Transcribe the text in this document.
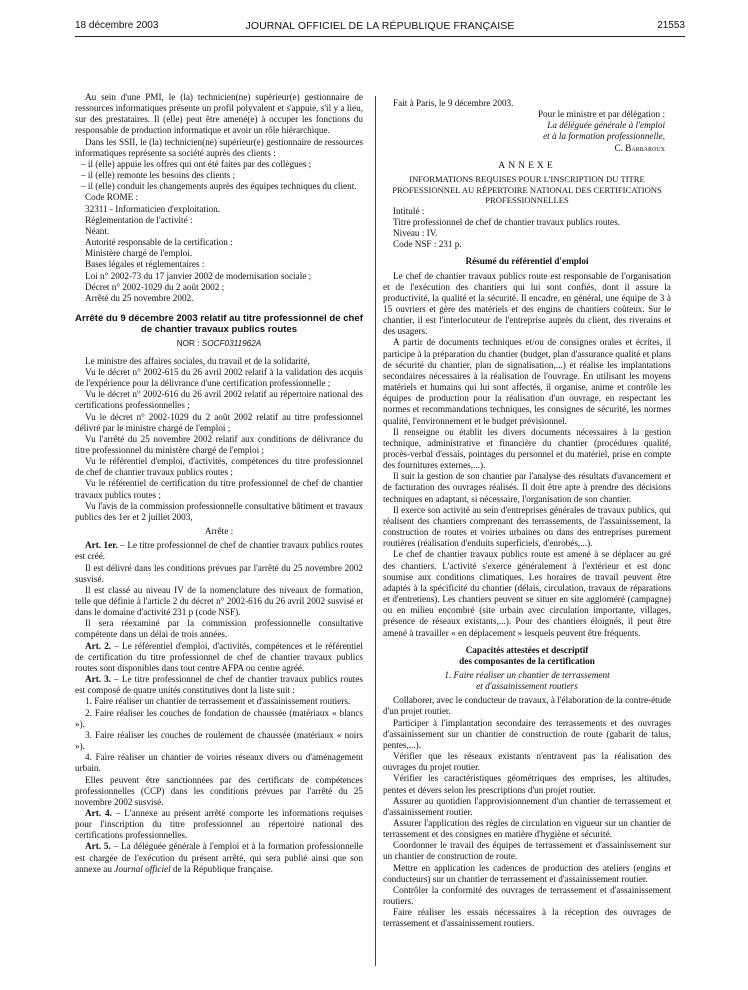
18 décembre 2003	JOURNAL OFFICIEL DE LA RÉPUBLIQUE FRANÇAISE	21553

Au sein d'une PMI, le (la) technicien(ne) supérieur(e) gestionnaire de ressources informatiques présente un profil polyvalent et s'appuie, s'il y a lieu, sur des prestataires. Il (elle) peut être amené(e) à occuper les fonctions du responsable de production informatique et avoir un rôle hiérarchique.

Dans les SSII, le (la) technicien(ne) supérieur(e) gestionnaire de ressources informatiques représente sa société auprès des clients :

– il (elle) appuie les offres qui ont été faites par des collègues ;

– il (elle) remonte les besoins des clients ;

– il (elle) conduit les changements auprès des équipes techniques du client.

Code ROME :

32311 - Informaticien d'exploitation.

Réglementation de l'activité :

Néant.

Autorité responsable de la certification :

Ministère chargé de l'emploi.

Bases légales et réglementaires :

Loi n° 2002-73 du 17 janvier 2002 de modernisation sociale ;

Décret n° 2002-1029 du 2 août 2002 ;

Arrêté du 25 novembre 2002.

Arrêté du 9 décembre 2003 relatif au titre professionnel de chef de chantier travaux publics routes

NOR : SOCF0311962A

Le ministre des affaires sociales, du travail et de la solidarité,

Vu le décret n° 2002-615 du 26 avril 2002 relatif à la validation des acquis de l'expérience pour la délivrance d'une certification professionnelle ;

Vu le décret n° 2002-616 du 26 avril 2002 relatif au répertoire national des certifications professionnelles ;

Vu le décret n° 2002-1029 du 2 août 2002 relatif au titre professionnel délivré par le ministre chargé de l'emploi ;

Vu l'arrêté du 25 novembre 2002 relatif aux conditions de délivrance du titre professionnel du ministère chargé de l'emploi ;

Vu le référentiel d'emploi, d'activités, compétences du titre professionnel de chef de chantier travaux publics routes ;

Vu le référentiel de certification du titre professionnel de chef de chantier travaux publics routes ;

Vu l'avis de la commission professionnelle consultative bâtiment et travaux publics des 1er et 2 juillet 2003,

Arrête :

Art. 1er. – Le titre professionnel de chef de chantier travaux publics routes est créé.

Il est délivré dans les conditions prévues par l'arrêté du 25 novembre 2002 susvisé.

Il est classé au niveau IV de la nomenclature des niveaux de formation, telle que définie à l'article 2 du décret n° 2002-616 du 26 avril 2002 susvisé et dans le domaine d'activité 231 p (code NSF).

Il sera réexaminé par la commission professionnelle consultative compétente dans un délai de trois années.

Art. 2. – Le référentiel d'emploi, d'activités, compétences et le référentiel de certification du titre professionnel de chef de chantier travaux publics routes sont disponibles dans tout centre AFPA ou centre agréé.

Art. 3. – Le titre professionnel de chef de chantier travaux publics routes est composé de quatre unités constitutives dont la liste suit :

1. Faire réaliser un chantier de terrassement et d'assainissement routiers.

2. Faire réaliser les couches de fondation de chaussée (matériaux « blancs »).

3. Faire réaliser les couches de roulement de chaussée (matériaux « noirs »).

4. Faire réaliser un chantier de voiries réseaux divers ou d'aménagement urbain.

Elles peuvent être sanctionnées par des certificats de compétences professionnelles (CCP) dans les conditions prévues par l'arrêté du 25 novembre 2002 susvisé.

Art. 4. – L'annexe au présent arrêté comporte les informations requises pour l'inscription du titre professionnel au répertoire national des certifications professionnelles.

Art. 5. – La déléguée générale à l'emploi et à la formation professionnelle est chargée de l'exécution du présent arrêté, qui sera publié ainsi que son annexe au Journal officiel de la République française.

Fait à Paris, le 9 décembre 2003.

Pour le ministre et par délégation :

La déléguée générale à l'emploi

et à la formation professionnelle,

C. Barbaroux

ANNEXE

INFORMATIONS REQUISES POUR L'INSCRIPTION DU TITRE PROFESSIONNEL AU RÉPERTOIRE NATIONAL DES CERTIFICATIONS PROFESSIONNELLES

Intitulé :

Titre professionnel de chef de chantier travaux publics routes.

Niveau : IV.

Code NSF : 231 p.

Résumé du référentiel d'emploi

Le chef de chantier travaux publics route est responsable de l'organisation et de l'exécution des chantiers qui lui sont confiés, dont il assure la productivité, la qualité et la sécurité. Il encadre, en général, une équipe de 3 à 15 ouvriers et gère des matériels et des engins de chantiers coûteux. Sur le chantier, il est l'interlocuteur de l'entreprise auprès du client, des riverains et des usagers.

A partir de documents techniques et/ou de consignes orales et écrites, il participe à la préparation du chantier (budget, plan d'assurance qualité et plans de sécurité du chantier, plan de signalisation,...) et réalise les implantations secondaires nécessaires à la réalisation de l'ouvrage. En utilisant les moyens matériels et humains qui lui sont affectés, il organise, anime et contrôle les équipes de production pour la réalisation d'un ouvrage, en respectant les normes et recommandations techniques, les consignes de sécurité, les normes qualité, l'environnement et le budget prévisionnel.

Il renseigne ou établit les divers documents nécessaires à la gestion technique, administrative et financière du chantier (procédures qualité, procès-verbal d'essais, pointages du personnel et du matériel, prise en compte des fournitures externes,...).

Il suit la gestion de son chantier par l'analyse des résultats d'avancement et de facturation des ouvrages réalisés. Il doit être apte à prendre des décisions techniques en adaptant, si nécessaire, l'organisation de son chantier.

Il exerce son activité au sein d'entreprises générales de travaux publics, qui réalisent des chantiers comprenant des terrassements, de l'assainissement, la construction de routes et voiries urbaines ou dans des entreprises purement routières (réalisation d'enduits superficiels, d'enrobés,...).

Le chef de chantier travaux publics route est amené à se déplacer au gré des chantiers. L'activité s'exerce généralement à l'extérieur et est donc soumise aux conditions climatiques. Les horaires de travail peuvent être adaptés à la spécificité du chantier (délais, circulation, travaux de réparations et d'entretiens). Les chantiers peuvent se situer en site aggloméré (campagne) ou en milieu encombré (site urbain avec circulation importante, villages, présence de réseaux existants,...). Pour des chantiers éloignés, il peut être amené à travailler « en déplacement » lesquels peuvent être fréquents.

Capacités attestées et descriptif

des composantes de la certification

1. Faire réaliser un chantier de terrassement

et d'assainissement routiers

Collaborer, avec le conducteur de travaux, à l'élaboration de la contre-étude d'un projet routier.

Participer à l'implantation secondaire des terrassements et des ouvrages d'assainissement sur un chantier de construction de route (gabarit de talus, pentes,...).

Vérifier que les réseaux existants n'entravent pas la réalisation des ouvrages du projet routier.

Vérifier les caractéristiques géométriques des emprises, les altitudes, pentes et dévers selon les prescriptions d'un projet routier.

Assurer au quotidien l'approvisionnement d'un chantier de terrassement et d'assainissement routier.

Assurer l'application des règles de circulation en vigueur sur un chantier de terrassement et des consignes en matière d'hygiène et sécurité.

Coordonner le travail des équipes de terrassement et d'assainissement sur un chantier de construction de route.

Mettre en application les cadences de production des ateliers (engins et conducteurs) sur un chantier de terrassement et d'assainissement routier.

Contrôler la conformité des ouvrages de terrassement et d'assainissement routiers.

Faire réaliser les essais nécessaires à la réception des ouvrages de terrassement et d'assainissement routiers.
